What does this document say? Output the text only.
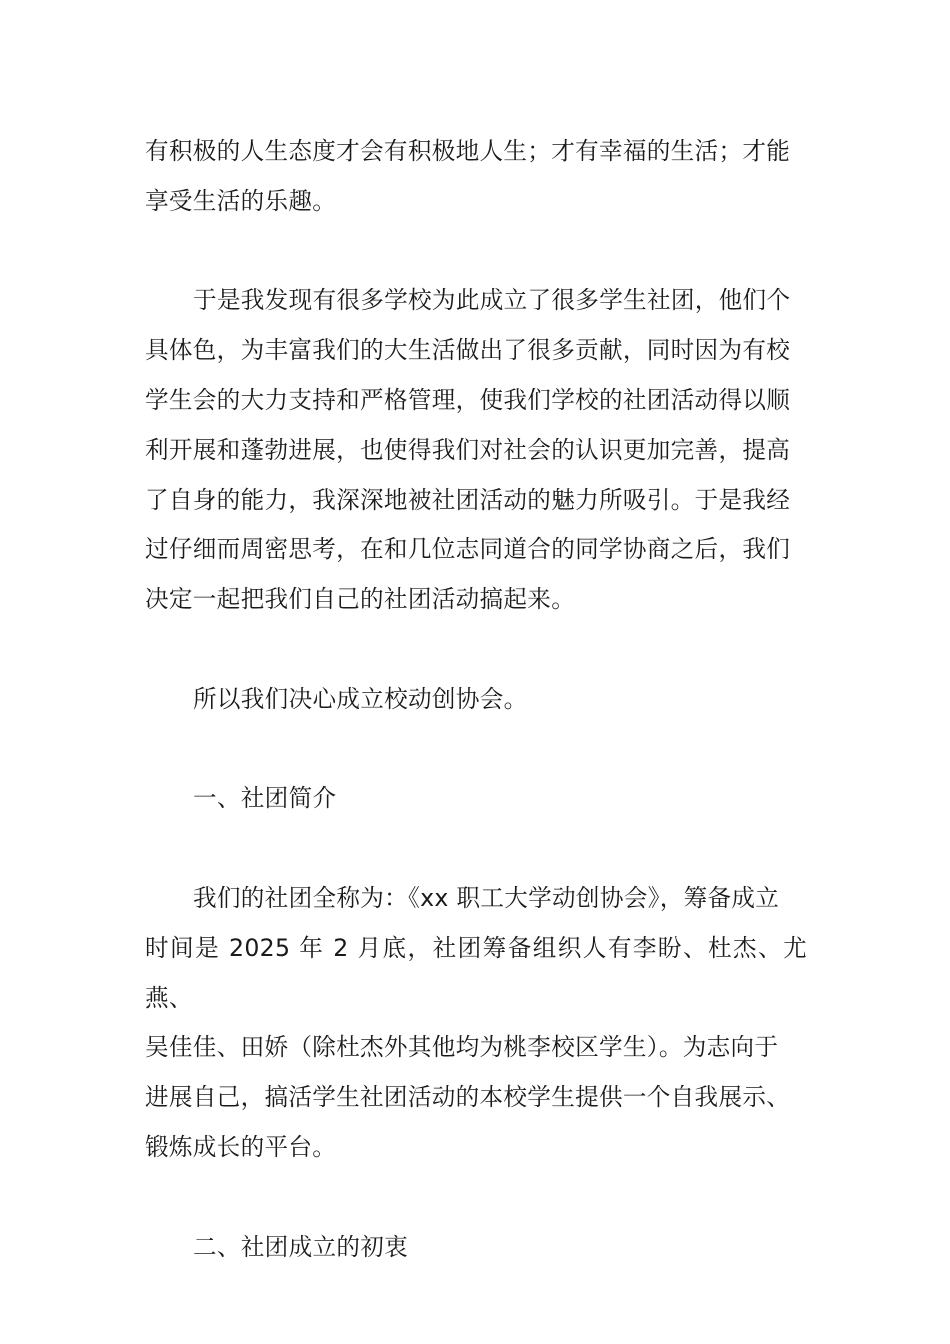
有积极的人生态度才会有积极地人生；才有幸福的生活；才能
享受生活的乐趣。
于是我发现有很多学校为此成立了很多学生社团，他们个
具体色，为丰富我们的大生活做出了很多贡献，同时因为有校
学生会的大力支持和严格管理，使我们学校的社团活动得以顺
利开展和蓬勃进展，也使得我们对社会的认识更加完善，提高
了自身的能力，我深深地被社团活动的魅力所吸引。于是我经
过仔细而周密思考，在和几位志同道合的同学协商之后，我们
决定一起把我们自己的社团活动搞起来。
所以我们决心成立校动创协会。
一、社团简介
我们的社团全称为：《xx 职工大学动创协会》，筹备成立
时间是 2025 年 2 月底，社团筹备组织人有李盼、杜杰、尤燕、
吴佳佳、田娇（除杜杰外其他均为桃李校区学生）。为志向于
进展自己，搞活学生社团活动的本校学生提供一个自我展示、
锻炼成长的平台。
二、社团成立的初衷
